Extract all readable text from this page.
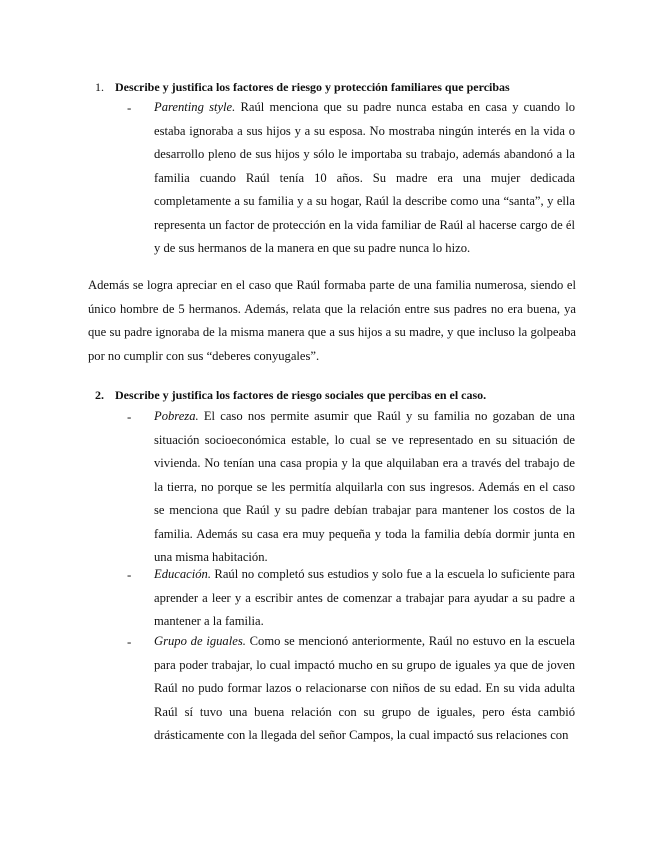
1. Describe y justifica los factores de riesgo y protección familiares que percibas
- Parenting style. Raúl menciona que su padre nunca estaba en casa y cuando lo estaba ignoraba a sus hijos y a su esposa. No mostraba ningún interés en la vida o desarrollo pleno de sus hijos y sólo le importaba su trabajo, además abandonó a la familia cuando Raúl tenía 10 años. Su madre era una mujer dedicada completamente a su familia y a su hogar, Raúl la describe como una “santa”, y ella representa un factor de protección en la vida familiar de Raúl al hacerse cargo de él y de sus hermanos de la manera en que su padre nunca lo hizo.
Además se logra apreciar en el caso que Raúl formaba parte de una familia numerosa, siendo el único hombre de 5 hermanos. Además, relata que la relación entre sus padres no era buena, ya que su padre ignoraba de la misma manera que a sus hijos a su madre, y que incluso la golpeaba por no cumplir con sus “deberes conyugales”.
2. Describe y justifica los factores de riesgo sociales que percibas en el caso.
- Pobreza. El caso nos permite asumir que Raúl y su familia no gozaban de una situación socioeconómica estable, lo cual se ve representado en su situación de vivienda. No tenían una casa propia y la que alquilaban era a través del trabajo de la tierra, no porque se les permitía alquilarla con sus ingresos. Además en el caso se menciona que Raúl y su padre debían trabajar para mantener los costos de la familia. Además su casa era muy pequeña y toda la familia debía dormir junta en una misma habitación.
- Educación. Raúl no completó sus estudios y solo fue a la escuela lo suficiente para aprender a leer y a escribir antes de comenzar a trabajar para ayudar a su padre a mantener a la familia.
- Grupo de iguales. Como se mencionó anteriormente, Raúl no estuvo en la escuela para poder trabajar, lo cual impactó mucho en su grupo de iguales ya que de joven Raúl no pudo formar lazos o relacionarse con niños de su edad. En su vida adulta Raúl sí tuvo una buena relación con su grupo de iguales, pero ésta cambió drásticamente con la llegada del señor Campos, la cual impactó sus relaciones con
